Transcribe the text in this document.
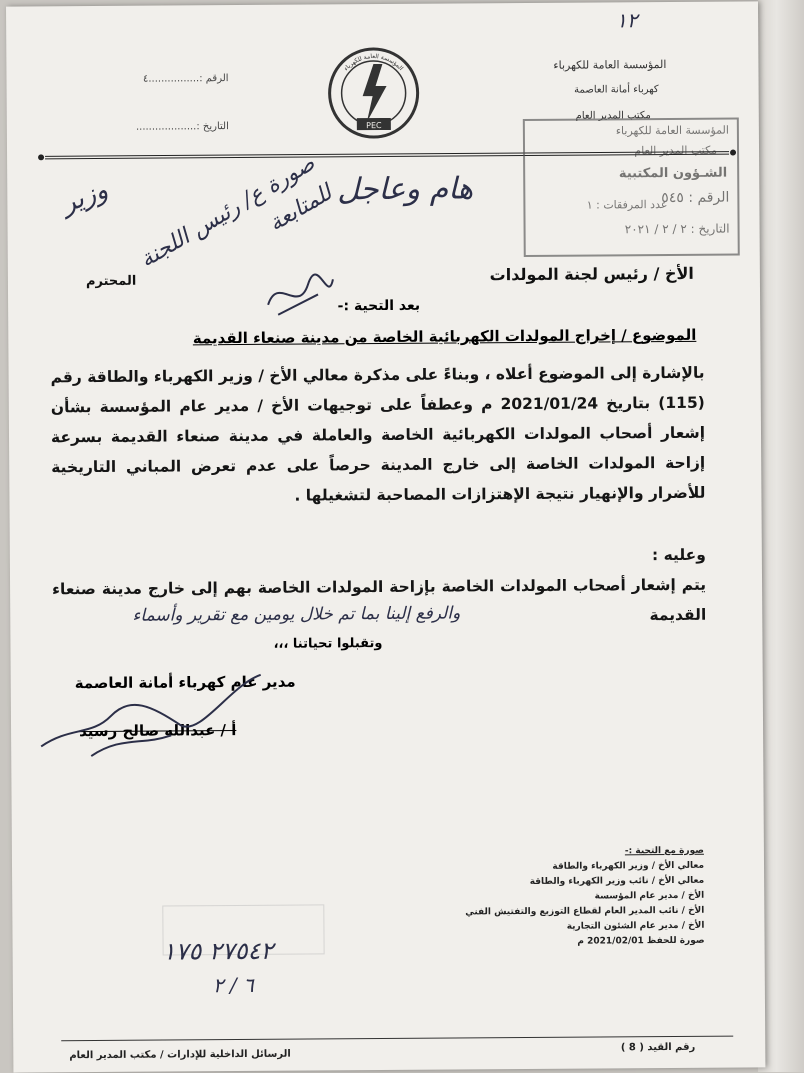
١٢
المؤسسة العامة للكهرباء
كهرباء أمانة العاصمة
مكتب المدير العام
الرقم :................٤
التاريخ :...................	PEC
المؤسسة العامة للكهرباء
المؤسسة العامة للكهرباء
مكتب المدير العام
الشـؤون المكتبية
الرقم : ٥٤٥
عدد المرفقات : ١
التاريخ : ٢ / ٢ / ٢٠٢١
هام وعاجل
وزير	صورة ع/ رئيس اللجنة للمتابعة
الأخ / رئيس لجنة المولدات
المحترم
بعد التحية :-
الموضوع / إخراج المولدات الكهربائية الخاصة من مدينة صنعاء القديمة
بالإشارة إلى الموضوع أعلاه ، وبناءً على مذكرة معالي الأخ / وزير الكهرباء والطاقة رقم (115) بتاريخ 2021/01/24 م وعطفاً على توجيهات الأخ / مدير عام المؤسسة بشأن إشعار أصحاب المولدات الكهربائية الخاصة والعاملة في مدينة صنعاء القديمة بسرعة إزاحة المولدات الخاصة إلى خارج المدينة حرصاً على عدم تعرض المباني التاريخية للأضرار والإنهيار نتيجة الإهتزازات المصاحبة لتشغيلها .
وعليه :
يتم إشعار أصحاب المولدات الخاصة بإزاحة المولدات الخاصة بهم إلى خارج مدينة صنعاء القديمة
والرفع إلينا بما تم خلال يومين مع تقرير وأسماء
وتقبلوا تحياتنا ،،،
مدير عام كهرباء أمانة العاصمة
أ / عبدالله صالح رسيد
صورة مع التحية :-
معالي الأخ / وزير الكهرباء والطاقة
معالي الأخ / نائب وزير الكهرباء والطاقة
الأخ / مدير عام المؤسسة
الأخ / نائب المدير العام لقطاع التوزيع والتفتيش الفني
الأخ / مدير عام الشئون التجارية
صورة للحفظ 2021/02/01 م
٢٧٥٤٢ ١٧٥
٦ / ٢
الرسائل الداخلية للإدارات / مكتب المدير العام
رقم القيد ( 8 )
